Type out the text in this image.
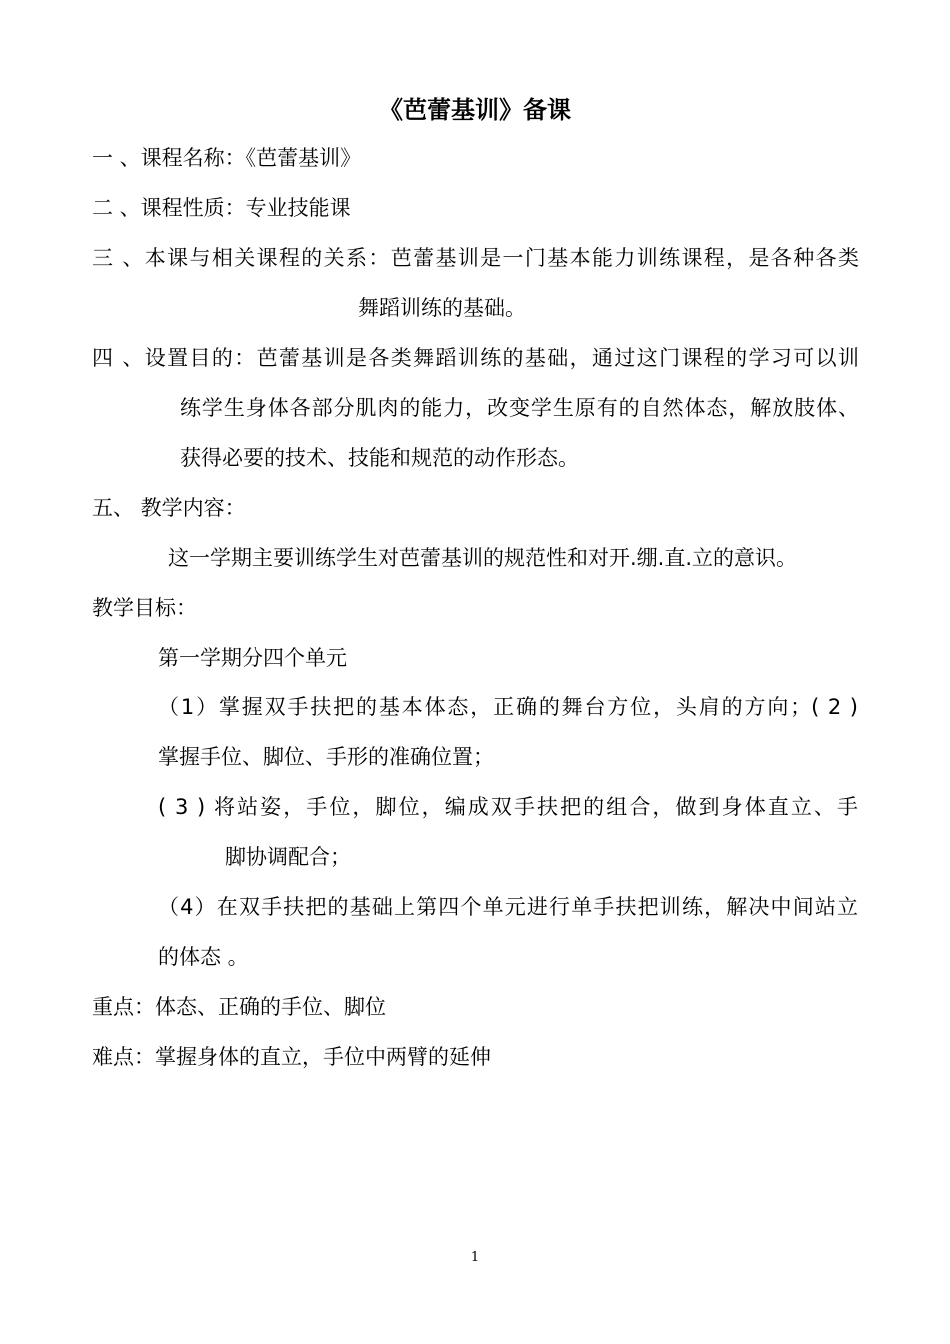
《芭蕾基训》备课
一 、课程名称：《芭蕾基训》
二 、课程性质：专业技能课
三 、本课与相关课程的关系：芭蕾基训是一门基本能力训练课程，是各种各类
舞蹈训练的基础。
四 、设置目的：芭蕾基训是各类舞蹈训练的基础，通过这门课程的学习可以训
练学生身体各部分肌肉的能力，改变学生原有的自然体态，解放肢体、
获得必要的技术、技能和规范的动作形态。
五、 教学内容：
这一学期主要训练学生对芭蕾基训的规范性和对开.绷.直.立的意识。
教学目标：
第一学期分四个单元
（1）掌握双手扶把的基本体态，正确的舞台方位，头肩的方向；( 2 )
掌握手位、脚位、手形的准确位置；
( 3 ) 将站姿，手位，脚位，编成双手扶把的组合，做到身体直立、手
脚协调配合；
（4）在双手扶把的基础上第四个单元进行单手扶把训练，解决中间站立
的体态 。
重点：体态、正确的手位、脚位
难点：掌握身体的直立，手位中两臂的延伸
1
